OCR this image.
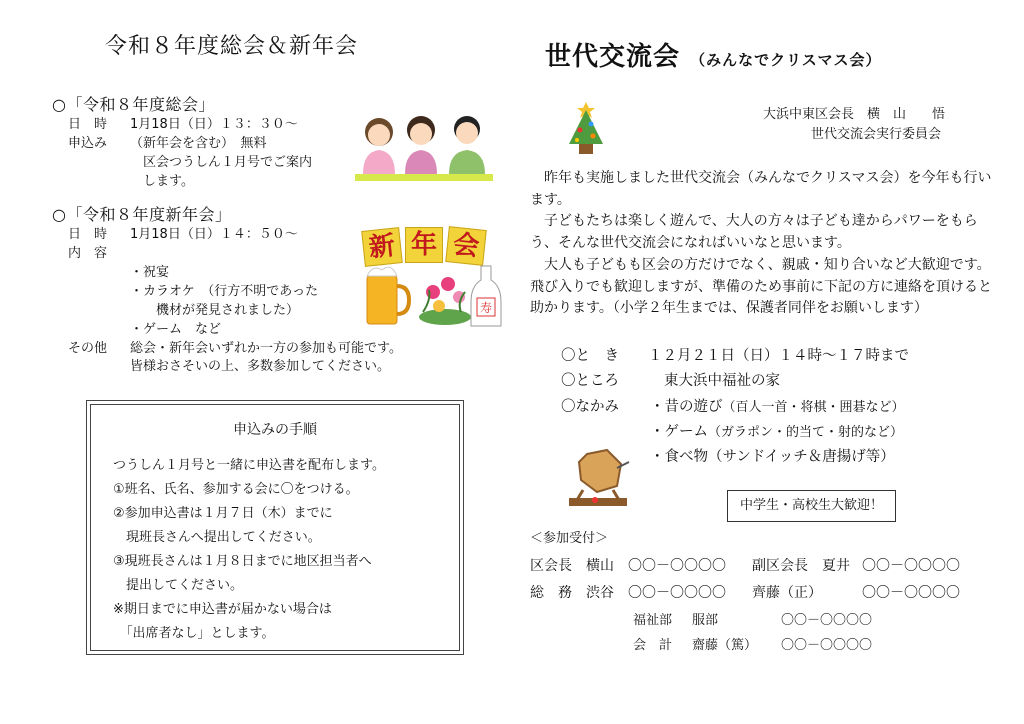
令和８年度総会＆新年会
○「令和８年度総会」
日　時 1月18日（日）１３：３０～
申込み （新年会を含む）　無料
区会つうしん１月号でご案内
します。
○「令和８年度新年会」
日　時 1月18日（日）１４：５０～
内　容
・祝宴
・カラオケ　（行方不明であった
　　機材が発見されました）
・ゲーム　など
その他 総会・新年会いずれか一方の参加も可能です。
皆様おさそいの上、多数参加してください。
新 年 会
寿
申込みの手順
つうしん１月号と一緒に申込書を配布します。
①班名、氏名、参加する会に〇をつける。
②参加申込書は１月７日（木）までに
　現班長さんへ提出してください。
③現班長さんは１月８日までに地区担当者へ
　提出してください。
※期日までに申込書が届かない場合は
　「出席者なし」とします。
世代交流会 （みんなでクリスマス会）
大浜中東区会長　横　山　　悟
世代交流会実行委員会
　昨年も実施しました世代交流会（みんなでクリスマス会）を今年も行います。
　子どもたちは楽しく遊んで、大人の方々は子ども達からパワーをもらう、そんな世代交流会になればいいなと思います。
　大人も子どもも区会の方だけでなく、親戚・知り合いなど大歓迎です。飛び入りでも歓迎しますが、準備のため事前に下記の方に連絡を頂けると助かります。（小学２年生までは、保護者同伴をお願いします）
〇と　き １２月２１日（日）１４時～１７時まで
〇ところ	東大浜中福祉の家
〇なかみ ・昔の遊び（百人一首・将棋・囲碁など）
・ゲーム（ガラポン・的当て・射的など）
・食べ物（サンドイッチ＆唐揚げ等）
中学生・高校生大歓迎！
＜参加受付＞
区会長 横山 〇〇－〇〇〇〇 副区会長 夏井 〇〇－〇〇〇〇
総　務 渋谷 〇〇－〇〇〇〇 齊藤（正）	〇〇－〇〇〇〇
福祉部 服部	〇〇－〇〇〇〇
会　計 齋藤（篤） 〇〇－〇〇〇〇
